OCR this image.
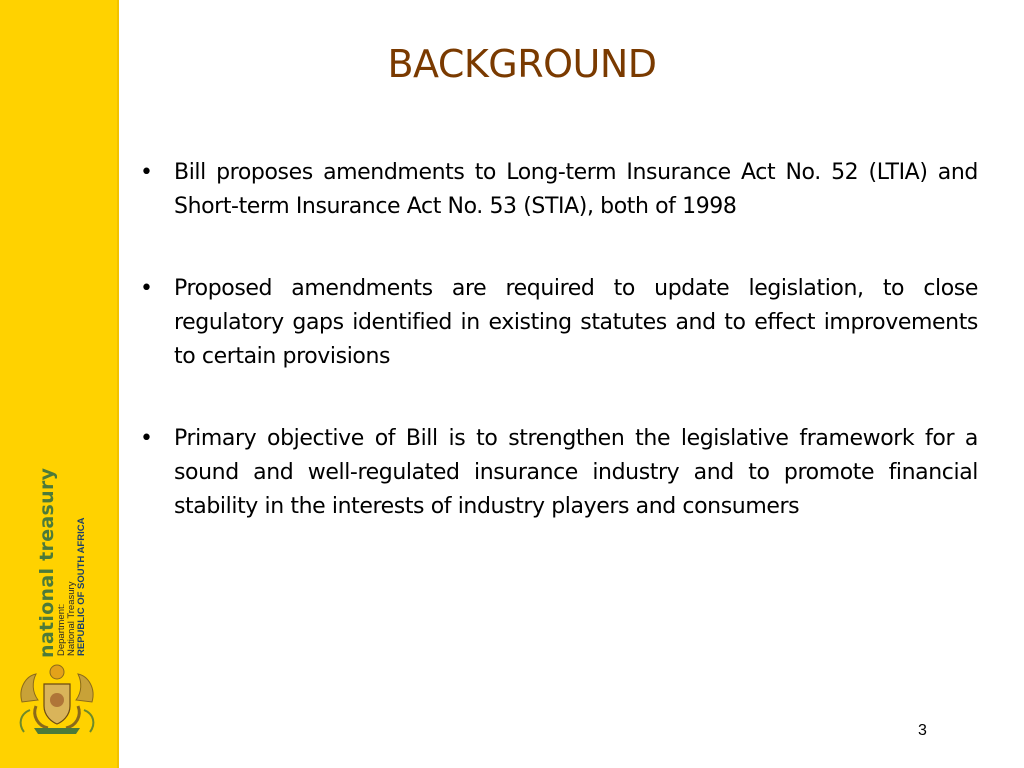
national treasury
Department: National Treasury REPUBLIC OF SOUTH AFRICA
BACKGROUND
• Bill proposes amendments to Long-term Insurance Act No. 52 (LTIA) and Short-term Insurance Act No. 53 (STIA), both of 1998
• Proposed amendments are required to update legislation, to close regulatory gaps identified in existing statutes and to effect improvements to certain provisions
• Primary objective of Bill is to strengthen the legislative framework for a sound and well-regulated insurance industry and to promote financial stability in the interests of industry players and consumers
3
